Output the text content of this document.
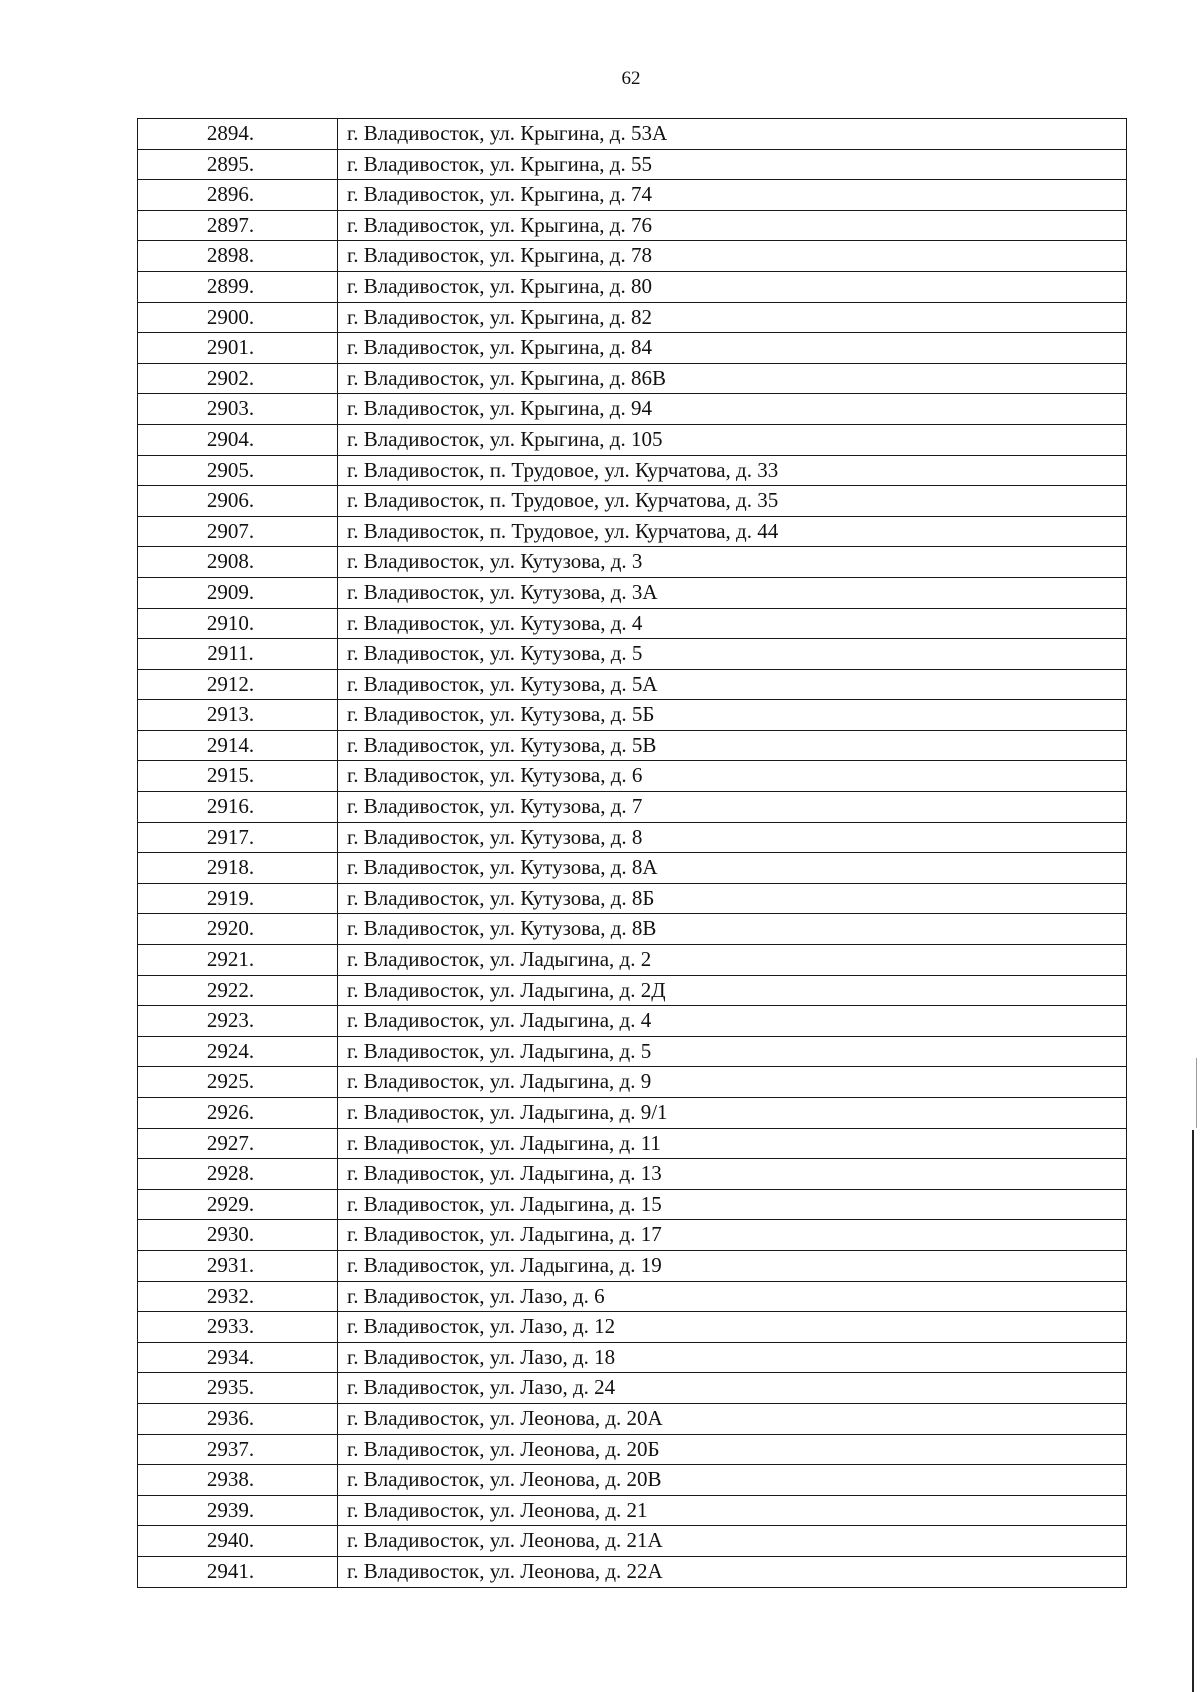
62
2894.	г. Владивосток, ул. Крыгина, д. 53А
2895.	г. Владивосток, ул. Крыгина, д. 55
2896.	г. Владивосток, ул. Крыгина, д. 74
2897.	г. Владивосток, ул. Крыгина, д. 76
2898.	г. Владивосток, ул. Крыгина, д. 78
2899.	г. Владивосток, ул. Крыгина, д. 80
2900.	г. Владивосток, ул. Крыгина, д. 82
2901.	г. Владивосток, ул. Крыгина, д. 84
2902.	г. Владивосток, ул. Крыгина, д. 86В
2903.	г. Владивосток, ул. Крыгина, д. 94
2904.	г. Владивосток, ул. Крыгина, д. 105
2905.	г. Владивосток, п. Трудовое, ул. Курчатова, д. 33
2906.	г. Владивосток, п. Трудовое, ул. Курчатова, д. 35
2907.	г. Владивосток, п. Трудовое, ул. Курчатова, д. 44
2908.	г. Владивосток, ул. Кутузова, д. 3
2909.	г. Владивосток, ул. Кутузова, д. 3А
2910.	г. Владивосток, ул. Кутузова, д. 4
2911.	г. Владивосток, ул. Кутузова, д. 5
2912.	г. Владивосток, ул. Кутузова, д. 5А
2913.	г. Владивосток, ул. Кутузова, д. 5Б
2914.	г. Владивосток, ул. Кутузова, д. 5В
2915.	г. Владивосток, ул. Кутузова, д. 6
2916.	г. Владивосток, ул. Кутузова, д. 7
2917.	г. Владивосток, ул. Кутузова, д. 8
2918.	г. Владивосток, ул. Кутузова, д. 8А
2919.	г. Владивосток, ул. Кутузова, д. 8Б
2920.	г. Владивосток, ул. Кутузова, д. 8В
2921.	г. Владивосток, ул. Ладыгина, д. 2
2922.	г. Владивосток, ул. Ладыгина, д. 2Д
2923.	г. Владивосток, ул. Ладыгина, д. 4
2924.	г. Владивосток, ул. Ладыгина, д. 5
2925.	г. Владивосток, ул. Ладыгина, д. 9
2926.	г. Владивосток, ул. Ладыгина, д. 9/1
2927.	г. Владивосток, ул. Ладыгина, д. 11
2928.	г. Владивосток, ул. Ладыгина, д. 13
2929.	г. Владивосток, ул. Ладыгина, д. 15
2930.	г. Владивосток, ул. Ладыгина, д. 17
2931.	г. Владивосток, ул. Ладыгина, д. 19
2932.	г. Владивосток, ул. Лазо, д. 6
2933.	г. Владивосток, ул. Лазо, д. 12
2934.	г. Владивосток, ул. Лазо, д. 18
2935.	г. Владивосток, ул. Лазо, д. 24
2936.	г. Владивосток, ул. Леонова, д. 20А
2937.	г. Владивосток, ул. Леонова, д. 20Б
2938.	г. Владивосток, ул. Леонова, д. 20В
2939.	г. Владивосток, ул. Леонова, д. 21
2940.	г. Владивосток, ул. Леонова, д. 21А
2941.	г. Владивосток, ул. Леонова, д. 22А
